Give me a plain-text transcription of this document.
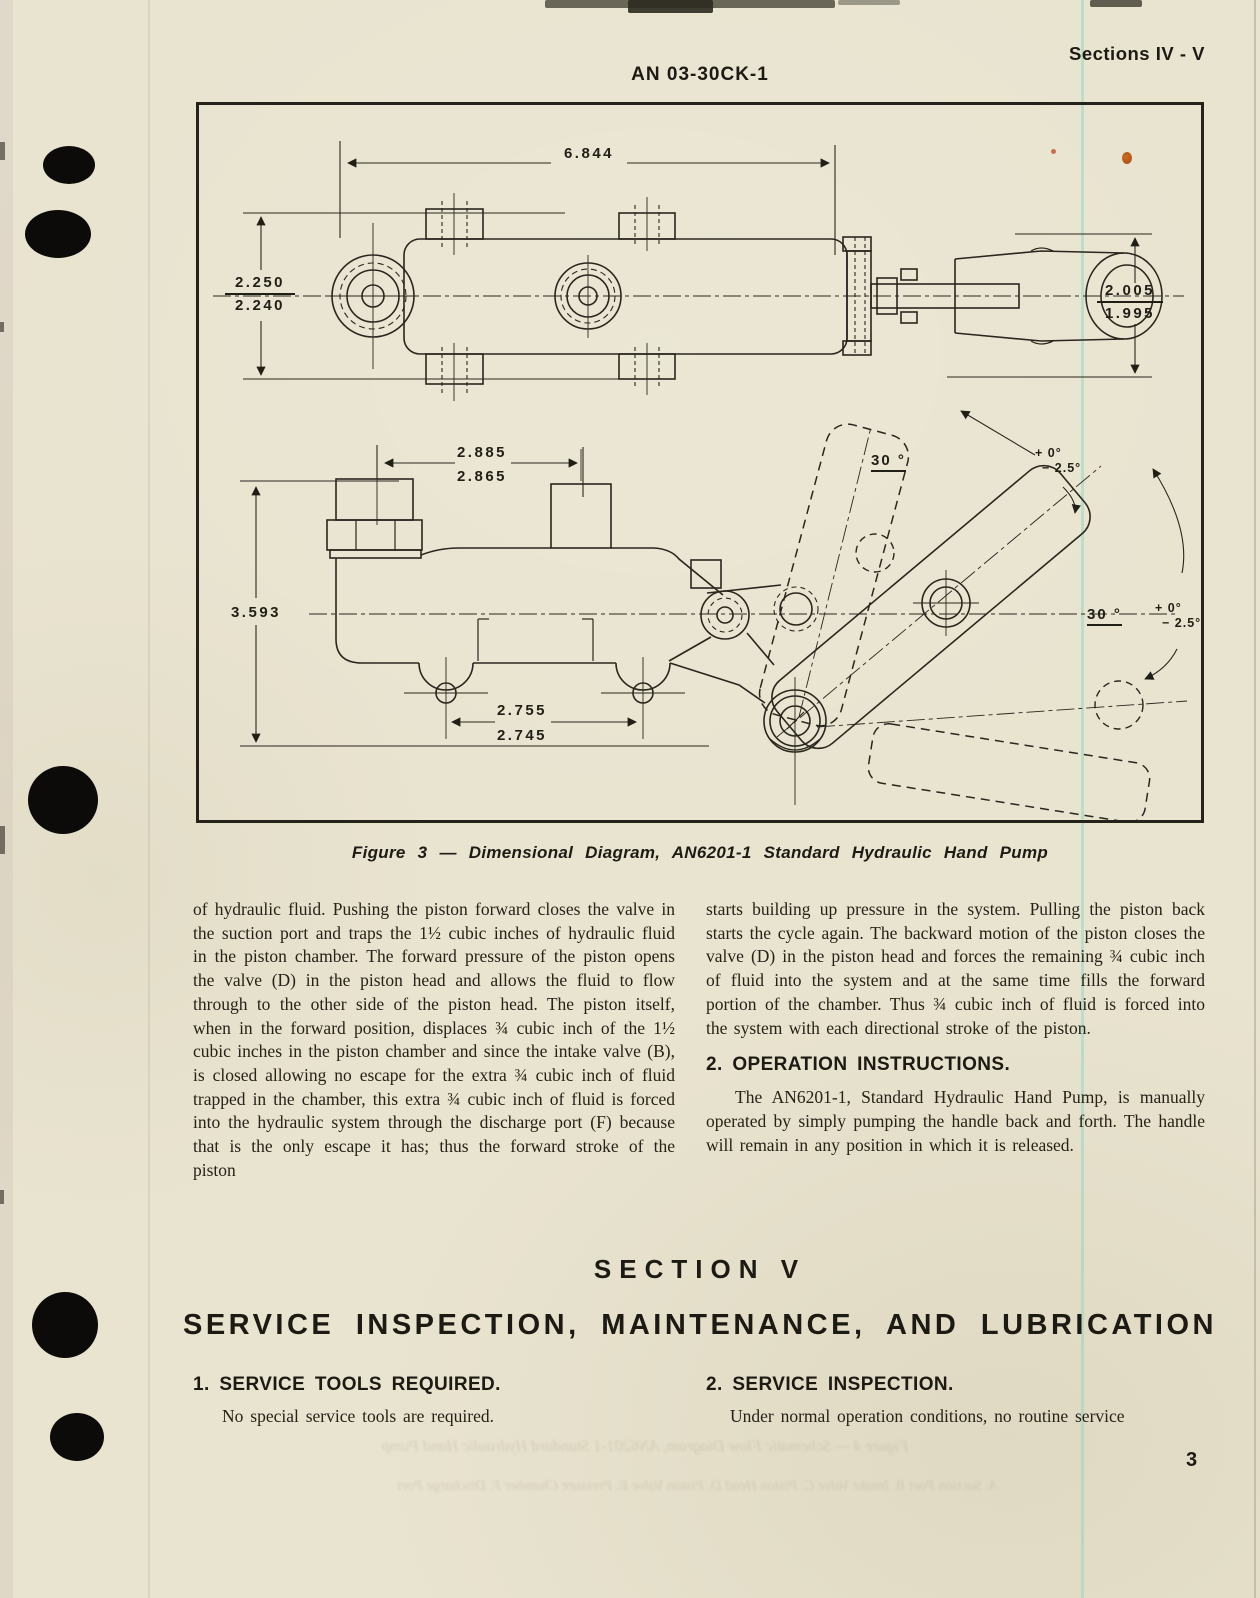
AN 03-30CK-1
Sections IV - V
6.844
2.250
2.240
2.005
1.995
2.885
2.865
3.593
2.755
2.745
30 °	+ 0°
− 2.5°
30 °	+ 0°
− 2.5°
Figure 3 — Dimensional Diagram, AN6201-1 Standard Hydraulic Hand Pump
of hydraulic fluid. Pushing the piston forward closes the valve in the suction port and traps the 1½ cubic inches of hydraulic fluid in the piston chamber. The forward pressure of the piston opens the valve (D) in the piston head and allows the fluid to flow through to the other side of the piston head. The piston itself, when in the forward position, displaces ¾ cubic inch of the 1½ cubic inches in the piston chamber and since the intake valve (B), is closed allowing no escape for the extra ¾ cubic inch of fluid trapped in the chamber, this extra ¾ cubic inch of fluid is forced into the hydraulic system through the discharge port (F) because that is the only escape it has; thus the forward stroke of the piston
starts building up pressure in the system. Pulling the piston back starts the cycle again. The backward motion of the piston closes the valve (D) in the piston head and forces the remaining ¾ cubic inch of fluid into the system and at the same time fills the forward portion of the chamber. Thus ¾ cubic inch of fluid is forced into the system with each directional stroke of the piston.
2. OPERATION INSTRUCTIONS.
The AN6201-1, Standard Hydraulic Hand Pump, is manually operated by simply pumping the handle back and forth. The handle will remain in any position in which it is released.
SECTION V
SERVICE INSPECTION, MAINTENANCE, AND LUBRICATION
1. SERVICE TOOLS REQUIRED.
No special service tools are required.
2. SERVICE INSPECTION.
Under normal operation conditions, no routine service
Figure 4 — Schematic Flow Diagram, AN6201-1 Standard Hydraulic Hand Pump
A. Suction Port B. Intake Valve C. Piston Head D. Piston Valve E. Pressure Chamber F. Discharge Port
3
